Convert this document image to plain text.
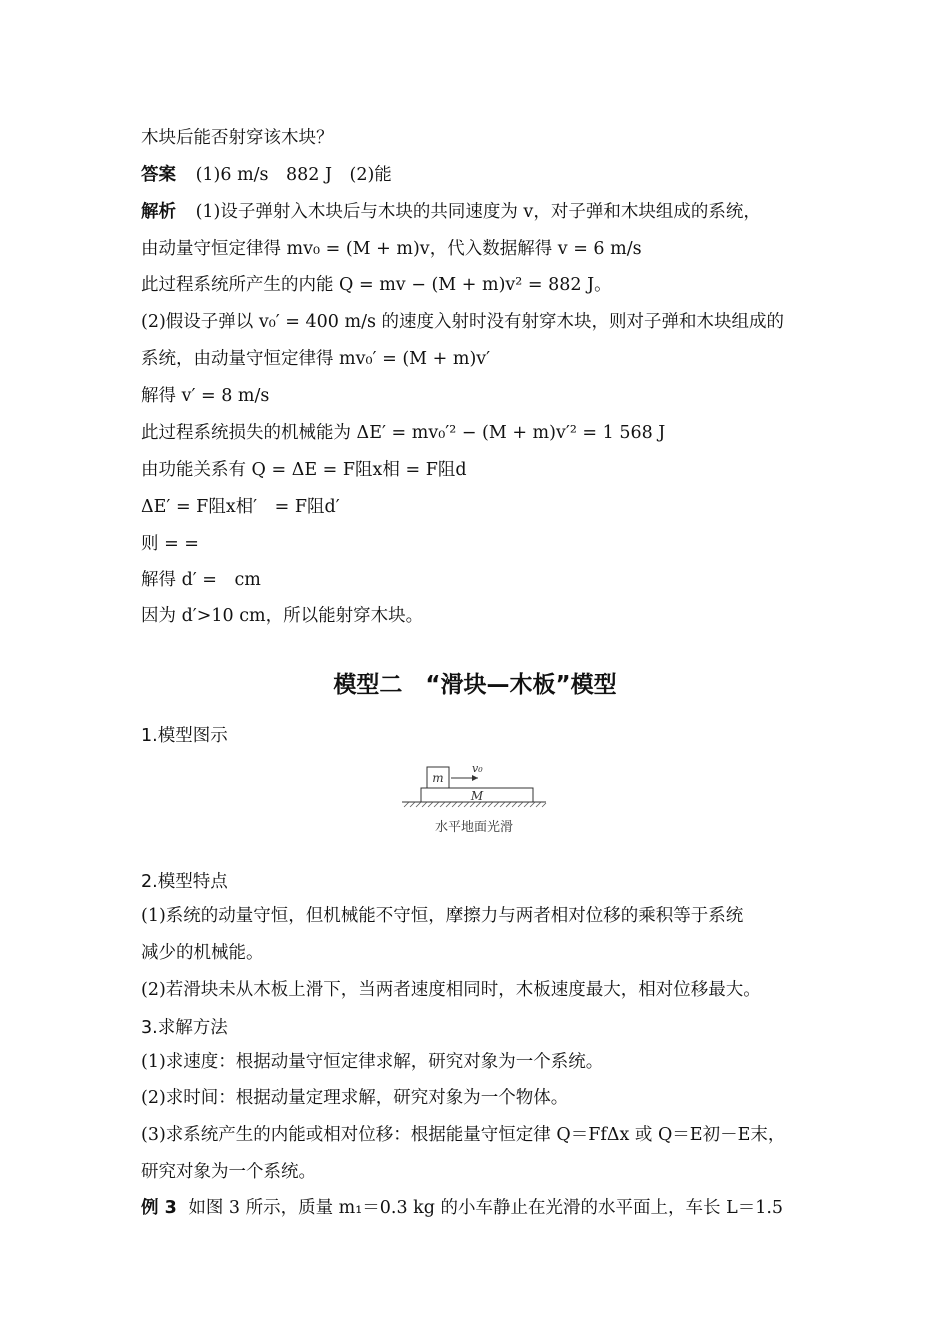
木块后能否射穿该木块？
答案 (1)6 m/s　882 J　(2)能
解析 (1)设子弹射入木块后与木块的共同速度为 v，对子弹和木块组成的系统，
由动量守恒定律得 mv₀ = (M + m)v，代入数据解得 v = 6 m/s
此过程系统所产生的内能 Q = mv − (M + m)v² = 882 J。
(2)假设子弹以 v₀′ = 400 m/s 的速度入射时没有射穿木块，则对子弹和木块组成的
系统，由动量守恒定律得 mv₀′ = (M + m)v′
解得 v′ = 8 m/s
此过程系统损失的机械能为 ΔE′ = mv₀′² − (M + m)v′² = 1 568 J
由功能关系有 Q = ΔE = F阻x相 = F阻d
ΔE′ = F阻x相′　= F阻d′
则 = =
解得 d′ =　cm
因为 d′>10 cm，所以能射穿木块。
模型二　“滑块—木板”模型
1.模型图示
m
v₀
M
水平地面光滑
2.模型特点
(1)系统的动量守恒，但机械能不守恒，摩擦力与两者相对位移的乘积等于系统
减少的机械能。
(2)若滑块未从木板上滑下，当两者速度相同时，木板速度最大，相对位移最大。
3.求解方法
(1)求速度：根据动量守恒定律求解，研究对象为一个系统。
(2)求时间：根据动量定理求解，研究对象为一个物体。
(3)求系统产生的内能或相对位移：根据能量守恒定律 Q＝FfΔx 或 Q＝E初－E末，
研究对象为一个系统。
例 3 如图 3 所示，质量 m₁＝0.3 kg 的小车静止在光滑的水平面上，车长 L＝1.5
